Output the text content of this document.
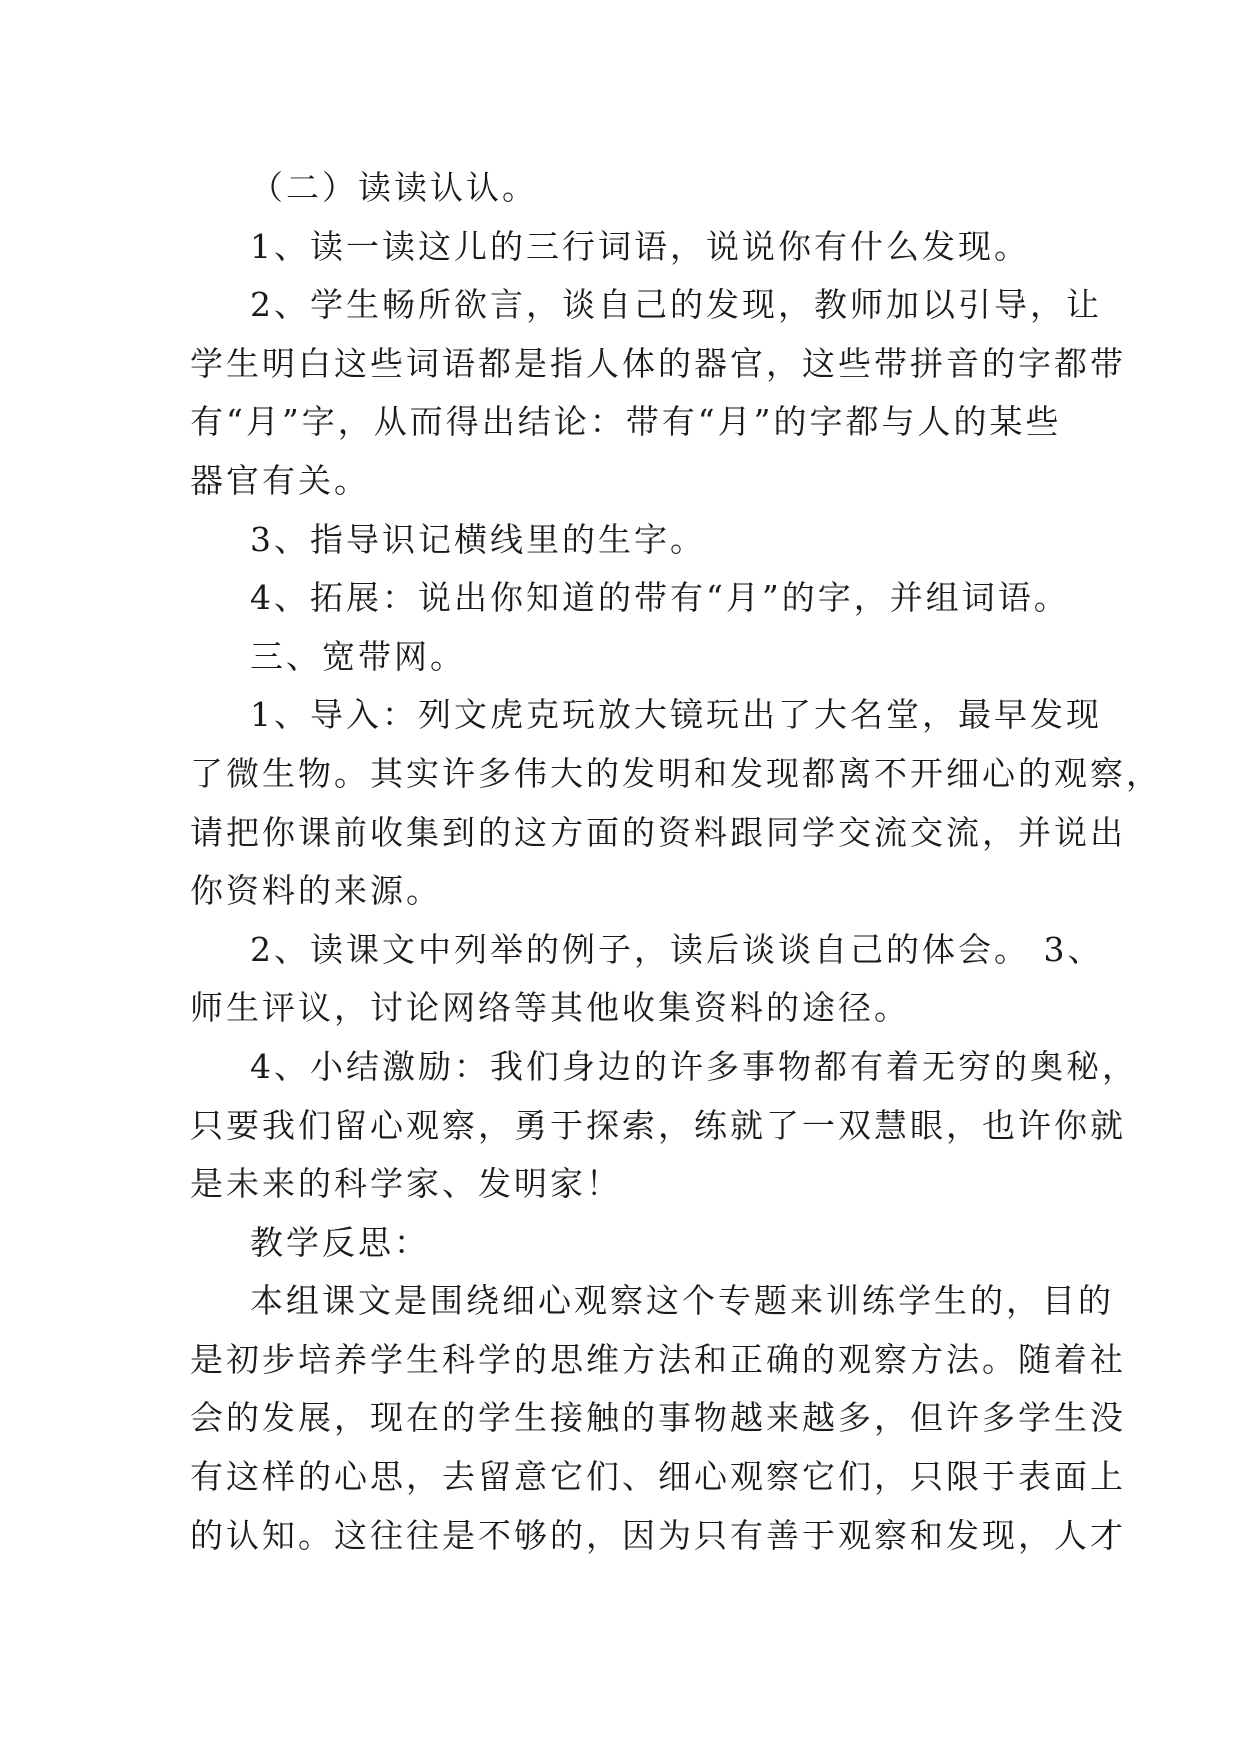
（二）读读认认。
1、读一读这儿的三行词语，说说你有什么发现。
2、学生畅所欲言，谈自己的发现，教师加以引导，让
学生明白这些词语都是指人体的器官，这些带拼音的字都带
有“月”字，从而得出结论：带有“月”的字都与人的某些
器官有关。
3、指导识记横线里的生字。
4、拓展：说出你知道的带有“月”的字，并组词语。
三、宽带网。
1、导入：列文虎克玩放大镜玩出了大名堂，最早发现
了微生物。其实许多伟大的发明和发现都离不开细心的观察，
请把你课前收集到的这方面的资料跟同学交流交流，并说出
你资料的来源。
2、读课文中列举的例子，读后谈谈自己的体会。 3、
师生评议，讨论网络等其他收集资料的途径。
4、小结激励：我们身边的许多事物都有着无穷的奥秘，
只要我们留心观察，勇于探索，练就了一双慧眼，也许你就
是未来的科学家、发明家！
教学反思：
本组课文是围绕细心观察这个专题来训练学生的，目的
是初步培养学生科学的思维方法和正确的观察方法。随着社
会的发展，现在的学生接触的事物越来越多，但许多学生没
有这样的心思，去留意它们、细心观察它们，只限于表面上
的认知。这往往是不够的，因为只有善于观察和发现，人才
